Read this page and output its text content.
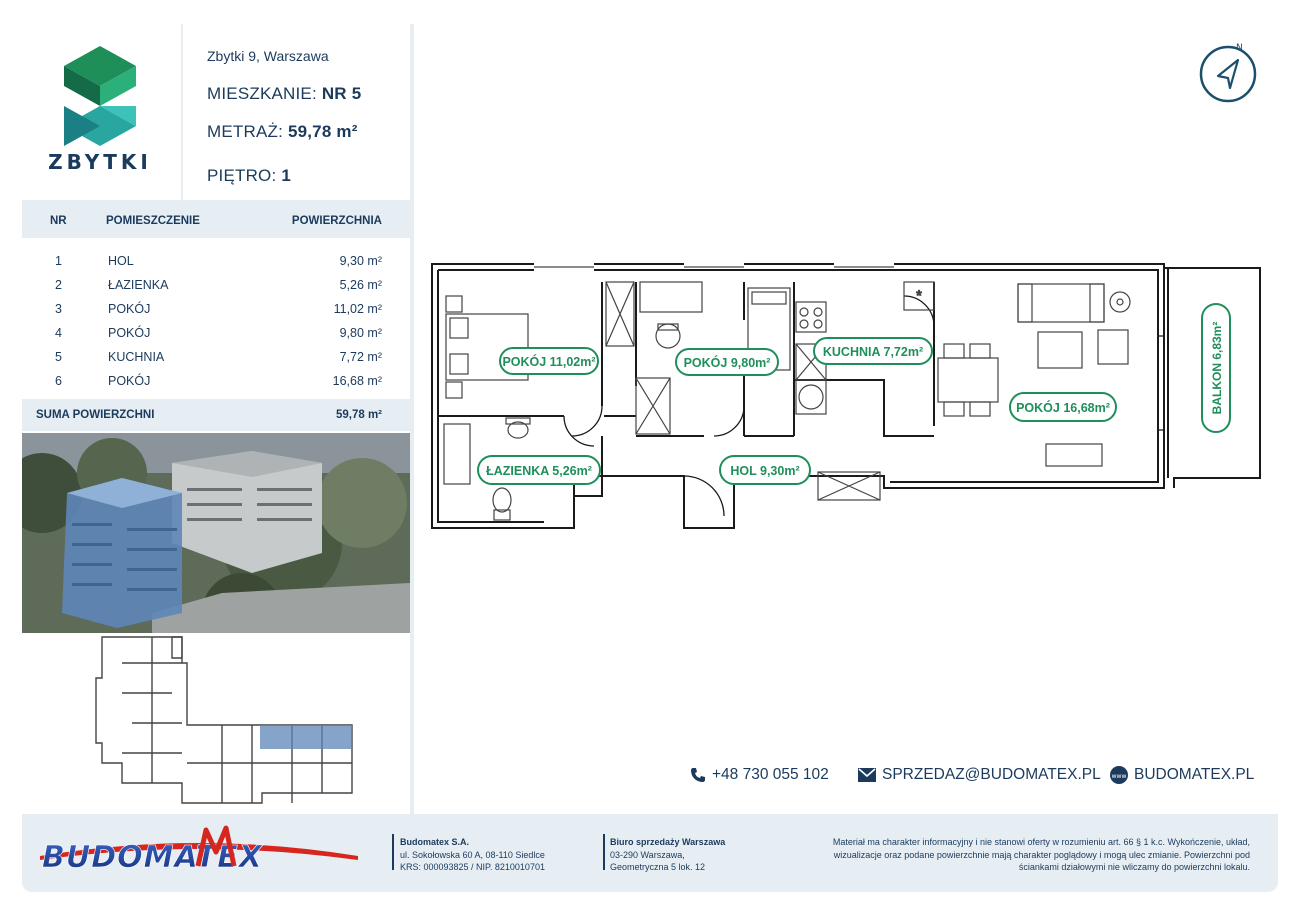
ZBYTKI
Zbytki 9, Warszawa
MIESZKANIE: NR 5
METRAŻ: 59,78 m²
PIĘTRO: 1
NR	POMIESZCZENIE	POWIERZCHNIA
1	HOL	9,30 m²
2	ŁAZIENKA	5,26 m²
3	POKÓJ	11,02 m²
4	POKÓJ	9,80 m²
5	KUCHNIA	7,72 m²
6	POKÓJ	16,68 m²
SUMA POWIERZCHNI	59,78 m²
N
*
POKÓJ 11,02m²	POKÓJ 9,80m²
KUCHNIA 7,72m²
POKÓJ 16,68m²
ŁAZIENKA 5,26m²	HOL 9,30m²
BALKON 6,83m²
+48 730 055 102	SPRZEDAZ@BUDOMATEX.PL www BUDOMATEX.PL
BUDOMATEX	Budomatex S.A.
ul. Sokołowska 60 A, 08-110 Siedlce
KRS: 000093825 / NIP. 8210010701
Biuro sprzedaży Warszawa
03-290 Warszawa,
Geometryczna 5 lok. 12
Materiał ma charakter informacyjny i nie stanowi oferty w rozumieniu art. 66 § 1 k.c. Wykończenie, układ, wizualizacje oraz podane powierzchnie mają charakter poglądowy i mogą ulec zmianie. Powierzchni pod ściankami działowymi nie wliczamy do powierzchni lokalu.
